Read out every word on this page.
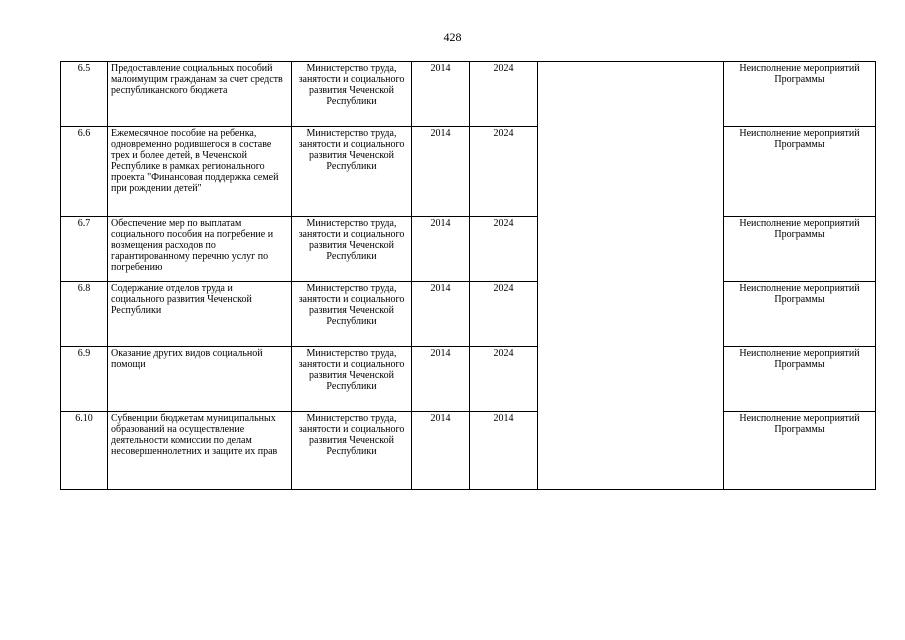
428
6.5	Предоставление социальных пособий малоимущим гражданам за счет средств республиканского бюджета	Министерство труда, занятости и социального развития Чеченской Республики	2014	2024		Неисполнение мероприятий Программы
6.6	Ежемесячное пособие на ребенка, одновременно родившегося в составе трех и более детей, в Чеченской Республике в рамках регионального проекта "Финансовая поддержка семей при рождении детей"	Министерство труда, занятости и социального развития Чеченской Республики	2014	2024		Неисполнение мероприятий Программы
6.7	Обеспечение мер по выплатам социального пособия на погребение и возмещения расходов по гарантированному перечню услуг по погребению	Министерство труда, занятости и социального развития Чеченской Республики	2014	2024		Неисполнение мероприятий Программы
6.8	Содержание отделов труда и социального развития Чеченской Республики	Министерство труда, занятости и социального развития Чеченской Республики	2014	2024		Неисполнение мероприятий Программы
6.9	Оказание других видов социальной помощи	Министерство труда, занятости и социального развития Чеченской Республики	2014	2024		Неисполнение мероприятий Программы
6.10	Субвенции бюджетам муниципальных образований на осуществление деятельности комиссии по делам несовершеннолетних и защите их прав	Министерство труда, занятости и социального развития Чеченской Республики	2014	2014		Неисполнение мероприятий Программы
